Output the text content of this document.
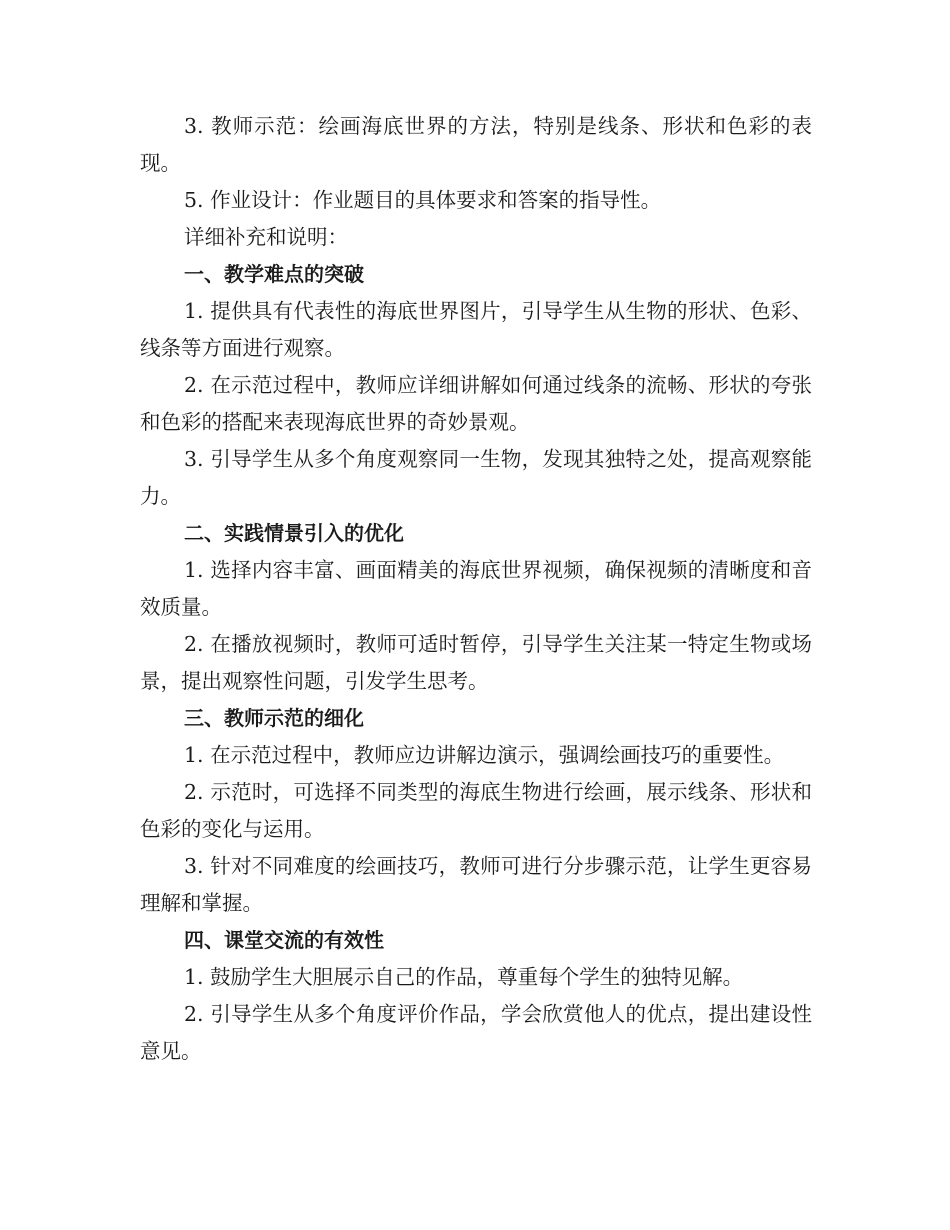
3. 教师示范：绘画海底世界的方法，特别是线条、形状和色彩的表现。

5. 作业设计：作业题目的具体要求和答案的指导性。

详细补充和说明：

一、教学难点的突破

1. 提供具有代表性的海底世界图片，引导学生从生物的形状、色彩、线条等方面进行观察。

2. 在示范过程中，教师应详细讲解如何通过线条的流畅、形状的夸张和色彩的搭配来表现海底世界的奇妙景观。

3. 引导学生从多个角度观察同一生物，发现其独特之处，提高观察能力。

二、实践情景引入的优化

1. 选择内容丰富、画面精美的海底世界视频，确保视频的清晰度和音效质量。

2. 在播放视频时，教师可适时暂停，引导学生关注某一特定生物或场景，提出观察性问题，引发学生思考。

三、教师示范的细化

1. 在示范过程中，教师应边讲解边演示，强调绘画技巧的重要性。

2. 示范时，可选择不同类型的海底生物进行绘画，展示线条、形状和色彩的变化与运用。

3. 针对不同难度的绘画技巧，教师可进行分步骤示范，让学生更容易理解和掌握。

四、课堂交流的有效性

1. 鼓励学生大胆展示自己的作品，尊重每个学生的独特见解。

2. 引导学生从多个角度评价作品，学会欣赏他人的优点，提出建设性意见。
